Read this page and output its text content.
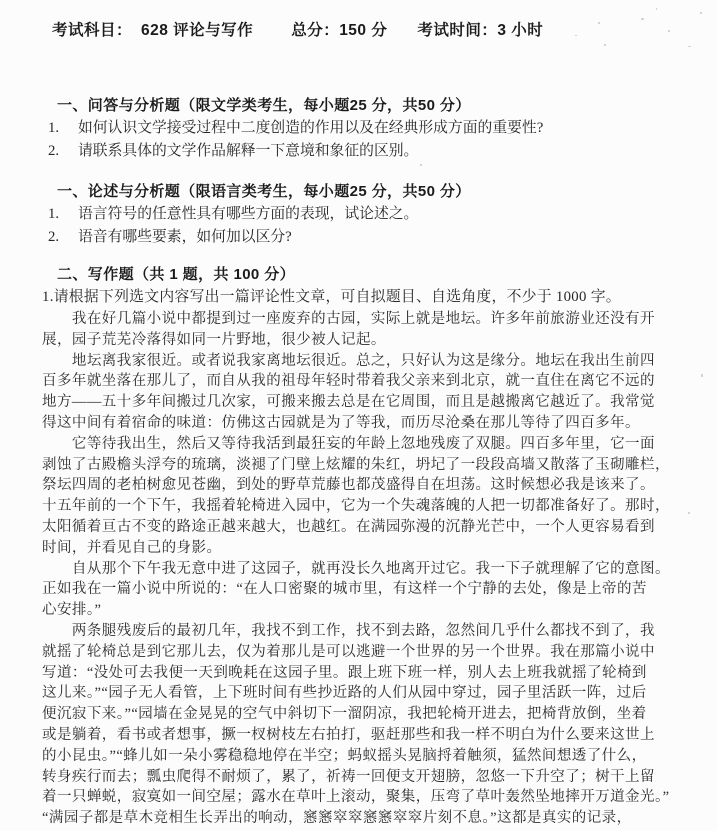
考试科目： 628 评论与写作 总分：150 分 考试时间：3 小时
一、问答与分析题（限文学类考生，每小题25 分，共50 分）
1.	如何认识文学接受过程中二度创造的作用以及在经典形成方面的重要性?
2.	请联系具体的文学作品解释一下意境和象征的区别。
一、论述与分析题（限语言类考生，每小题25 分，共50 分）
1.	语言符号的任意性具有哪些方面的表现，试论述之。
2.	语音有哪些要素，如何加以区分?
二、写作题（共 1 题，共 100 分）
1.请根据下列选文内容写出一篇评论性文章，可自拟题目、自选角度，不少于 1000 字。
　　我在好几篇小说中都提到过一座废弃的古园，实际上就是地坛。许多年前旅游业还没有开
展，园子荒芜冷落得如同一片野地，很少被人记起。
　　地坛离我家很近。或者说我家离地坛很近。总之，只好认为这是缘分。地坛在我出生前四
百多年就坐落在那儿了，而自从我的祖母年轻时带着我父亲来到北京，就一直住在离它不远的
地方——五十多年间搬过几次家，可搬来搬去总是在它周围，而且是越搬离它越近了。我常觉
得这中间有着宿命的味道：仿佛这古园就是为了等我，而历尽沧桑在那儿等待了四百多年。
　　它等待我出生，然后又等待我活到最狂妄的年龄上忽地残废了双腿。四百多年里，它一面
剥蚀了古殿檐头浮夸的琉璃，淡褪了门壁上炫耀的朱红，坍圮了一段段高墙又散落了玉砌雕栏，
祭坛四周的老柏树愈见苍幽，到处的野草荒藤也都茂盛得自在坦荡。这时候想必我是该来了。
十五年前的一个下午，我摇着轮椅进入园中，它为一个失魂落魄的人把一切都准备好了。那时，
太阳循着亘古不变的路途正越来越大，也越红。在满园弥漫的沉静光芒中，一个人更容易看到
时间，并看见自己的身影。
　　自从那个下午我无意中进了这园子，就再没长久地离开过它。我一下子就理解了它的意图。
正如我在一篇小说中所说的：“在人口密聚的城市里，有这样一个宁静的去处，像是上帝的苦
心安排。”
　　两条腿残废后的最初几年，我找不到工作，找不到去路，忽然间几乎什么都找不到了，我
就摇了轮椅总是到它那儿去，仅为着那儿是可以逃避一个世界的另一个世界。我在那篇小说中
写道：“没处可去我便一天到晚耗在这园子里。跟上班下班一样，别人去上班我就摇了轮椅到
这儿来。”“园子无人看管，上下班时间有些抄近路的人们从园中穿过，园子里活跃一阵，过后
便沉寂下来。”“园墙在金晃晃的空气中斜切下一溜阴凉，我把轮椅开进去，把椅背放倒，坐着
或是躺着，看书或者想事，撅一杈树枝左右拍打，驱赶那些和我一样不明白为什么要来这世上
的小昆虫。”“蜂儿如一朵小雾稳稳地停在半空；蚂蚁摇头晃脑捋着触须，猛然间想透了什么，
转身疾行而去；瓢虫爬得不耐烦了，累了，祈祷一回便支开翅膀，忽悠一下升空了；树干上留
着一只蝉蜕，寂寞如一间空屋；露水在草叶上滚动，聚集，压弯了草叶轰然坠地摔开万道金光。”
“满园子都是草木竞相生长弄出的响动，窸窸窣窣窸窸窣窣片刻不息。”这都是真实的记录，
